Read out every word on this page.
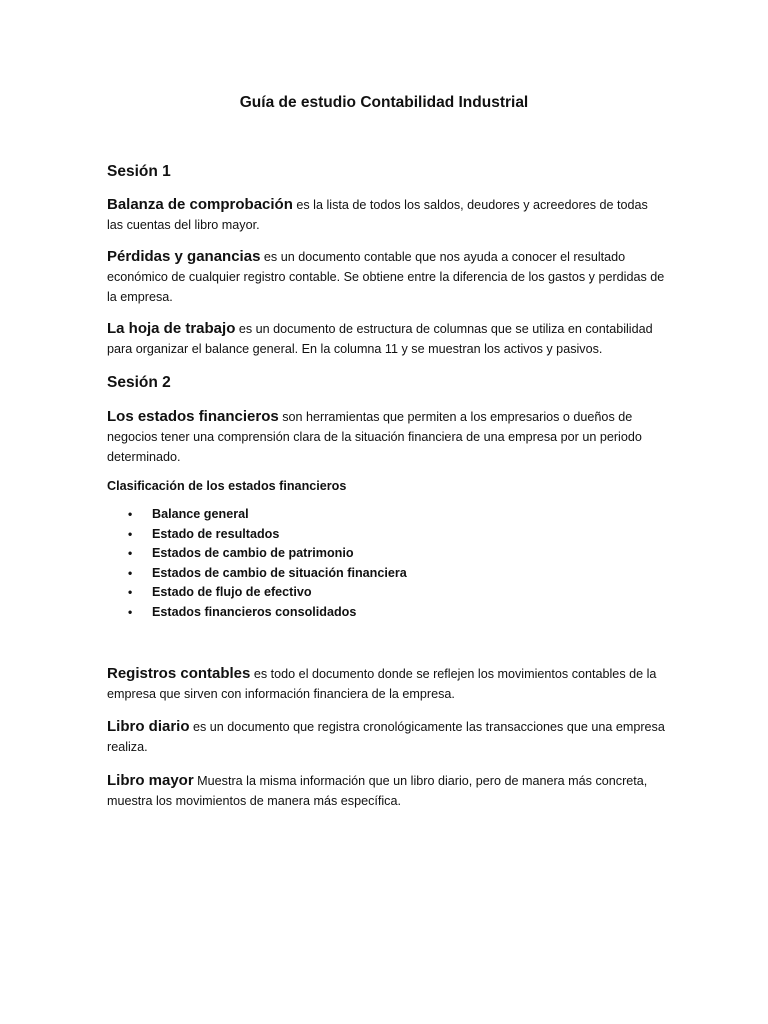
Guía de estudio Contabilidad Industrial
Sesión 1
Balanza de comprobación es la lista de todos los saldos, deudores y acreedores de todas las cuentas del libro mayor.
Pérdidas y ganancias es un documento contable que nos ayuda a conocer el resultado económico de cualquier registro contable. Se obtiene entre la diferencia de los gastos y perdidas de la empresa.
La hoja de trabajo es un documento de estructura de columnas que se utiliza en contabilidad para organizar el balance general. En la columna 11 y se muestran los activos y pasivos.
Sesión 2
Los estados financieros son herramientas que permiten a los empresarios o dueños de negocios tener una comprensión clara de la situación financiera de una empresa por un periodo determinado.
Clasificación de los estados financieros
• Balance general
• Estado de resultados
• Estados de cambio de patrimonio
• Estados de cambio de situación financiera
• Estado de flujo de efectivo
• Estados financieros consolidados
Registros contables es todo el documento donde se reflejen los movimientos contables de la empresa que sirven con información financiera de la empresa.
Libro diario es un documento que registra cronológicamente las transacciones que una empresa realiza.
Libro mayor Muestra la misma información que un libro diario, pero de manera más concreta, muestra los movimientos de manera más específica.
